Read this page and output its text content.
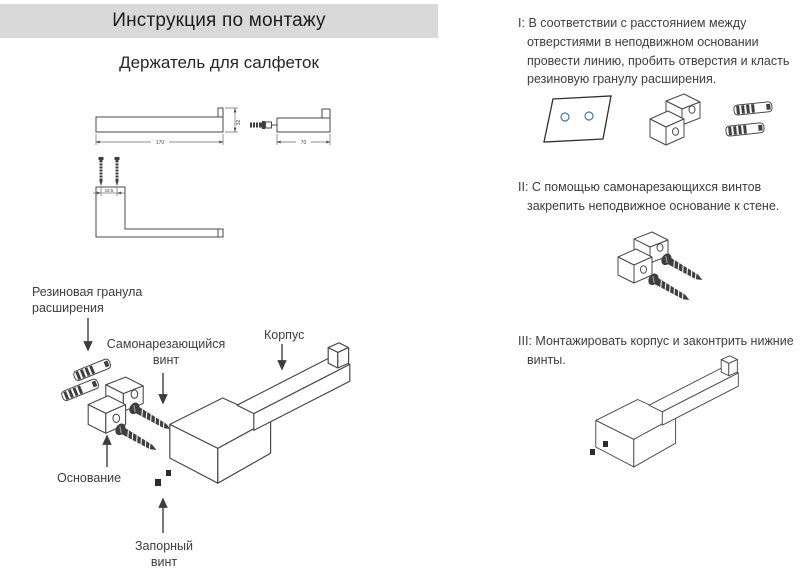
Инструкция по монтажу
Держатель для салфеток
170
32
70
18.5
Резиновая гранула
расширения
Самонарезающийся
винт
Корпус
Основание
Запорный
винт

I: В соответствии с расстоянием между отверстиями в неподвижном основании провести линию, пробить отверстия и класть резиновую гранулу расширения.

II: С помощью самонарезающихся винтов закрепить неподвижное основание к стене.

III: Монтажировать корпус и законтрить нижние винты.
